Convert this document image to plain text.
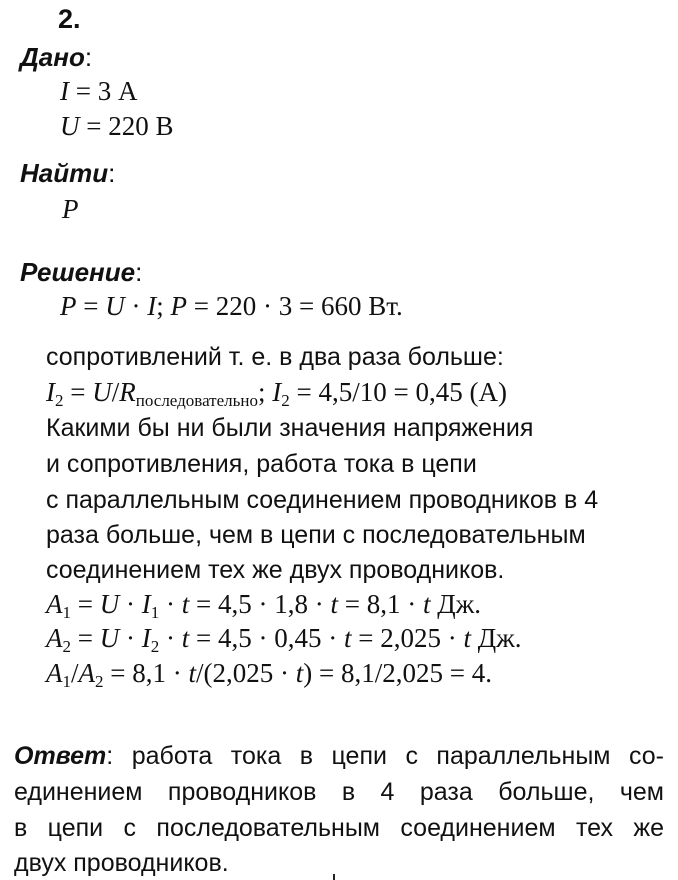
2.
Дано:
I = 3 А
U = 220 В
Найти:
P
Решение:
P = U · I; P = 220 · 3 = 660 Вт.
сопротивлений т. е. в два раза больше:
$I_2 = U/R_{последовательно}$; $I_2 = 4,5/10 = 0,45$ (А)
Какими бы ни были значения напряжения
и сопротивления, работа тока в цепи
с параллельным соединением проводников в 4
раза больше, чем в цепи с последовательным
соединением тех же двух проводников.
$A_1 = U \cdot I_1 \cdot t = 4,5 \cdot 1,8 \cdot t = 8,1 \cdot t$ Дж.
$A_2 = U \cdot I_2 \cdot t = 4,5 \cdot 0,45 \cdot t = 2,025 \cdot t$ Дж.
$A_1/A_2 = 8,1 \cdot t/(2,025 \cdot t) = 8,1/2,025 = 4$.
Ответ: работа тока в цепи с параллельным со-
единением проводников в 4 раза больше, чем
в цепи с последовательным соединением тех же
двух проводников.
